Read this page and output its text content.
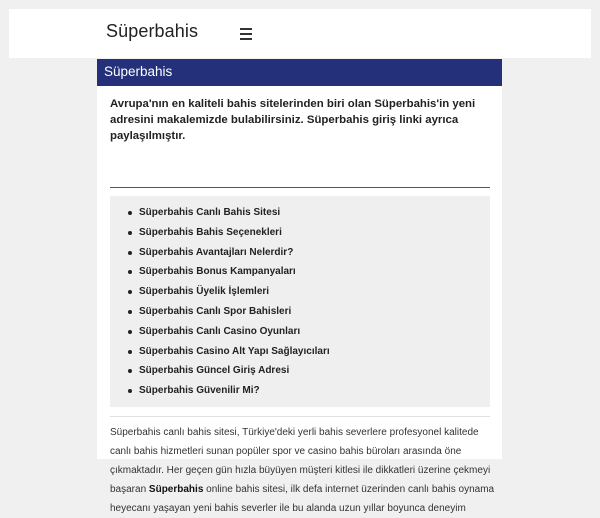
Süperbahis
Süperbahis
Avrupa'nın en kaliteli bahis sitelerinden biri olan Süperbahis'in yeni adresini makalemizde bulabilirsiniz. Süperbahis giriş linki ayrıca paylaşılmıştır.
Süperbahis Canlı Bahis Sitesi
Süperbahis Bahis Seçenekleri
Süperbahis Avantajları Nelerdir?
Süperbahis Bonus Kampanyaları
Süperbahis Üyelik İşlemleri
Süperbahis Canlı Spor Bahisleri
Süperbahis Canlı Casino Oyunları
Süperbahis Casino Alt Yapı Sağlayıcıları
Süperbahis Güncel Giriş Adresi
Süperbahis Güvenilir Mi?
Süperbahis canlı bahis sitesi, Türkiye'deki yerli bahis severlere profesyonel kalitede canlı bahis hizmetleri sunan popüler spor ve casino bahis büroları arasında öne çıkmaktadır. Her geçen gün hızla büyüyen müşteri kitlesi ile dikkatleri üzerine çekmeyi başaran Süperbahis online bahis sitesi, ilk defa internet üzerinden canlı bahis oynama heyecanı yaşayan yeni bahis severler ile bu alanda uzun yıllar boyunca deneyim
